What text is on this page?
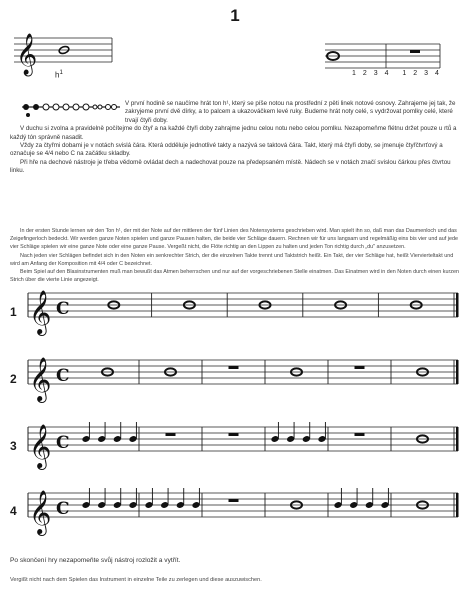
1
𝄞
$h^1$	1 2 3 4 1 2 3 4

V první hodině se naučíme hrát ton h¹, který se píše notou na prostřední z pěti linek notové osnovy. Zahrajeme jej tak, že zakryjeme první dvě dírky, a to palcem a ukazováčkem levé ruky. Budeme hrát noty celé, s vydržovat pomlky celé, které trvají čtyři doby.

V duchu si zvolna a pravidelně počítejme do čtyř a na každé čtyři doby zahrajme jednu celou notu nebo celou pomlku. Nezapomeňme flétnu držet pouze u rtů a každý tón správně nasadit.

Vždy za čtyřmi dobami je v notách svislá čára. Která odděluje jednotlivé takty a nazývá se taktová čára. Takt, který má čtyři doby, se jmenuje čtyřčtvrťový a označuje se 4/4 nebo C na začátku skladby.

Při hře na dechové nástroje je třeba vědomě ovládat dech a nadechovat pouze na předepsaném místě. Nádech se v notách značí svislou čárkou přes čtvrtou linku.

In der ersten Stunde lernen wir den Ton h¹, der mit der Note auf der mittleren der fünf Linien des Notensystems geschrieben wird. Man spielt ihn so, daß man das Daumenloch und das Zeigefingerloch bedeckt. Wir werden ganze Noten spielen und ganze Pausen halten, die beide vier Schläge dauern. Rechnen wir für uns langsam und regelmäßig eins bis vier und auf jede vier Schläge spielen wir eine ganze Note oder eine ganze Pause. Vergeßt nicht, die Flöte richtig an den Lippen zu halten und jeden Ton richtig durch „du" anzusetzen.

Nach jeden vier Schlägen befindet sich in den Noten ein senkrechter Strich, der die einzelnen Takte trennt und Taktstrich heißt. Ein Takt, der vier Schläge hat, heißt Viervierteltakt und wird am Anfang der Komposition mit 4/4 oder C bezeichnet.

Beim Spiel auf den Blasinstrumenten muß man bewußt das Atmen beherrschen und nur auf der vorgeschriebenen Stelle einatmen. Das Einatmen wird in den Noten durch einen kurzen Strich über die vierte Linie angezeigt.

1
2
3
4
𝄞 C
𝄞 C
𝄞 C
𝄞 C
Po skončení hry nezapomeňte svůj nástroj rozložit a vytřít.
Vergißt nicht nach dem Spielen das Instrument in einzelne Teile zu zerlegen und diese auszuwischen.
